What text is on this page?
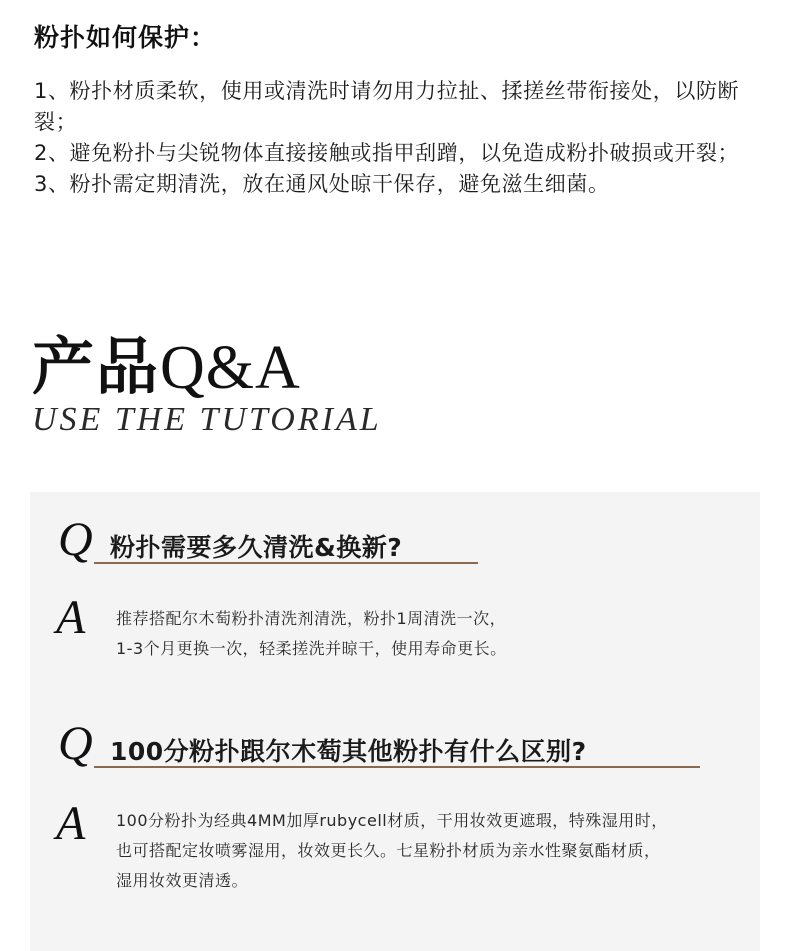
粉扑如何保护：
1、粉扑材质柔软，使用或清洗时请勿用力拉扯、揉搓丝带衔接处，以防断裂；
2、避免粉扑与尖锐物体直接接触或指甲刮蹭，以免造成粉扑破损或开裂；
3、粉扑需定期清洗，放在通风处晾干保存，避免滋生细菌。
产品Q&A
USE THE TUTORIAL
Q 粉扑需要多久清洗&换新?
A 推荐搭配尔木萄粉扑清洗剂清洗，粉扑1周清洗一次，
1-3个月更换一次，轻柔搓洗并晾干，使用寿命更长。
Q 100分粉扑跟尔木萄其他粉扑有什么区别?
A 100分粉扑为经典4MM加厚rubycell材质，干用妆效更遮瑕，特殊湿用时，
也可搭配定妆喷雾湿用，妆效更长久。七星粉扑材质为亲水性聚氨酯材质，
湿用妆效更清透。
